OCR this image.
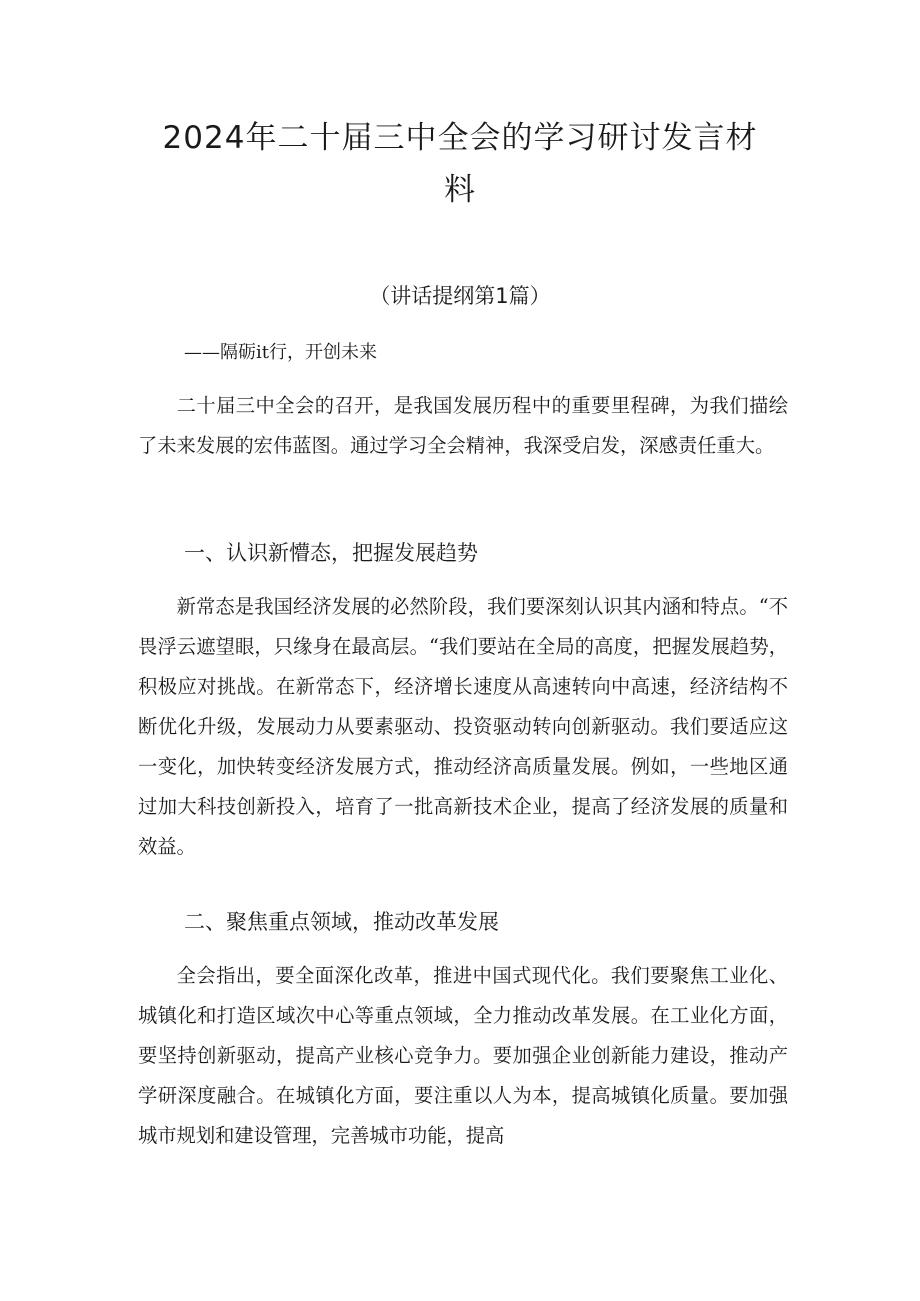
2024年二十届三中全会的学习研讨发言材
料

（讲话提纲第1篇）

——隔砺it行，开创未来

二十届三中全会的召开，是我国发展历程中的重要里程碑，为我们描绘了未来发展的宏伟蓝图。通过学习全会精神，我深受启发，深感责任重大。

一、认识新懵态，把握发展趋势

新常态是我国经济发展的必然阶段，我们要深刻认识其内涵和特点。“不畏浮云遮望眼，只缘身在最高层。“我们要站在全局的高度，把握发展趋势，积极应对挑战。在新常态下，经济增长速度从高速转向中高速，经济结构不断优化升级，发展动力从要素驱动、投资驱动转向创新驱动。我们要适应这一变化，加快转变经济发展方式，推动经济高质量发展。例如，一些地区通过加大科技创新投入，培育了一批高新技术企业，提高了经济发展的质量和效益。

二、聚焦重点领域，推动改革发展

全会指出，要全面深化改革，推进中国式现代化。我们要聚焦工业化、城镇化和打造区域次中心等重点领域，全力推动改革发展。在工业化方面，要坚持创新驱动，提高产业核心竞争力。要加强企业创新能力建设，推动产学研深度融合。在城镇化方面，要注重以人为本，提高城镇化质量。要加强城市规划和建设管理，完善城市功能，提高
